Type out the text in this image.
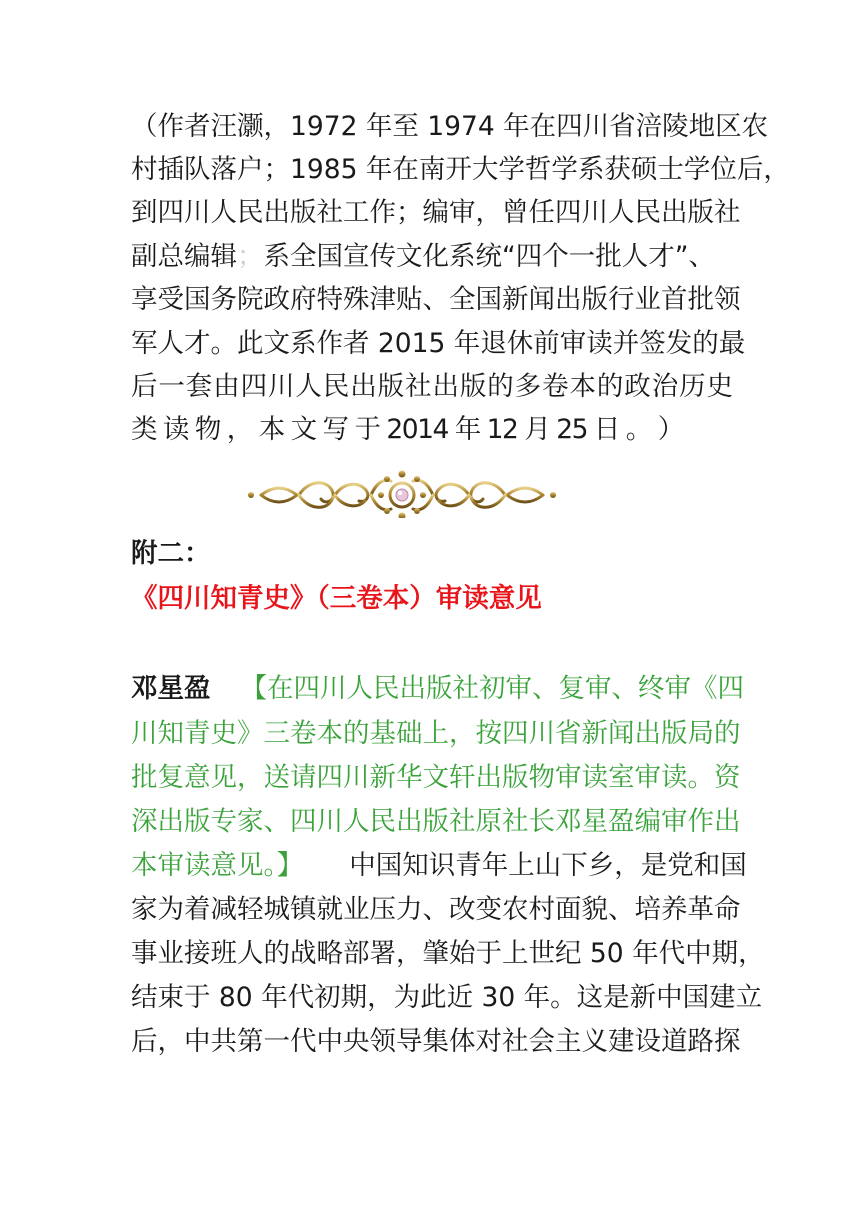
（作者汪灏，1972 年至 1974 年在四川省涪陵地区农
村插队落户；1985 年在南开大学哲学系获硕士学位后，
到四川人民出版社工作；编审，曾任四川人民出版社
副总编辑；系全国宣传文化系统“四个一批人才”、
享受国务院政府特殊津贴、全国新闻出版行业首批领
军人才。此文系作者 2015 年退休前审读并签发的最
后一套由四川人民出版社出版的多卷本的政治历史
类 读 物 ， 本 文 写 于 2014 年 12 月 25 日 。 ）
附二：
《四川知青史》（三卷本）审读意见
邓星盈 【在四川人民出版社初审、复审、终审《四
川知青史》三卷本的基础上，按四川省新闻出版局的
批复意见，送请四川新华文轩出版物审读室审读。资
深出版专家、四川人民出版社原社长邓星盈编审作出
本审读意见。】 中国知识青年上山下乡，是党和国
家为着减轻城镇就业压力、改变农村面貌、培养革命
事业接班人的战略部署，肇始于上世纪 50 年代中期，
结束于 80 年代初期，为此近 30 年。这是新中国建立
后，中共第一代中央领导集体对社会主义建设道路探
